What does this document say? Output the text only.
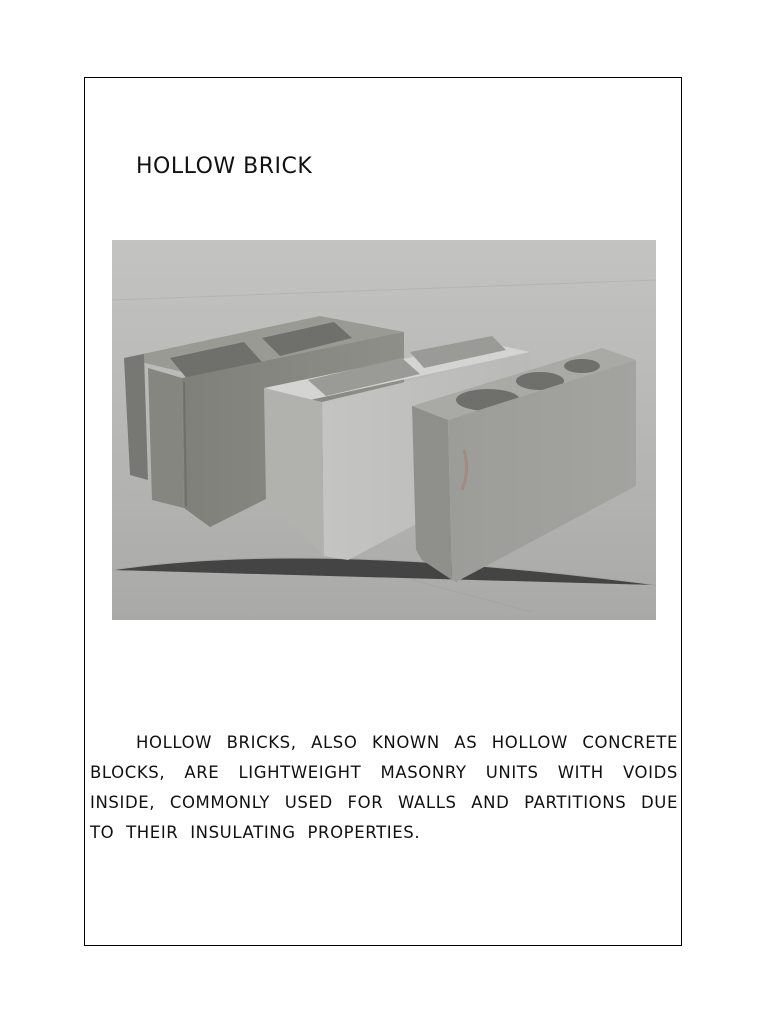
HOLLOW BRICK

HOLLOW BRICKS, ALSO KNOWN AS HOLLOW CONCRETE BLOCKS, ARE LIGHTWEIGHT MASONRY UNITS WITH VOIDS INSIDE, COMMONLY USED FOR WALLS AND PARTITIONS DUE TO THEIR INSULATING PROPERTIES.
